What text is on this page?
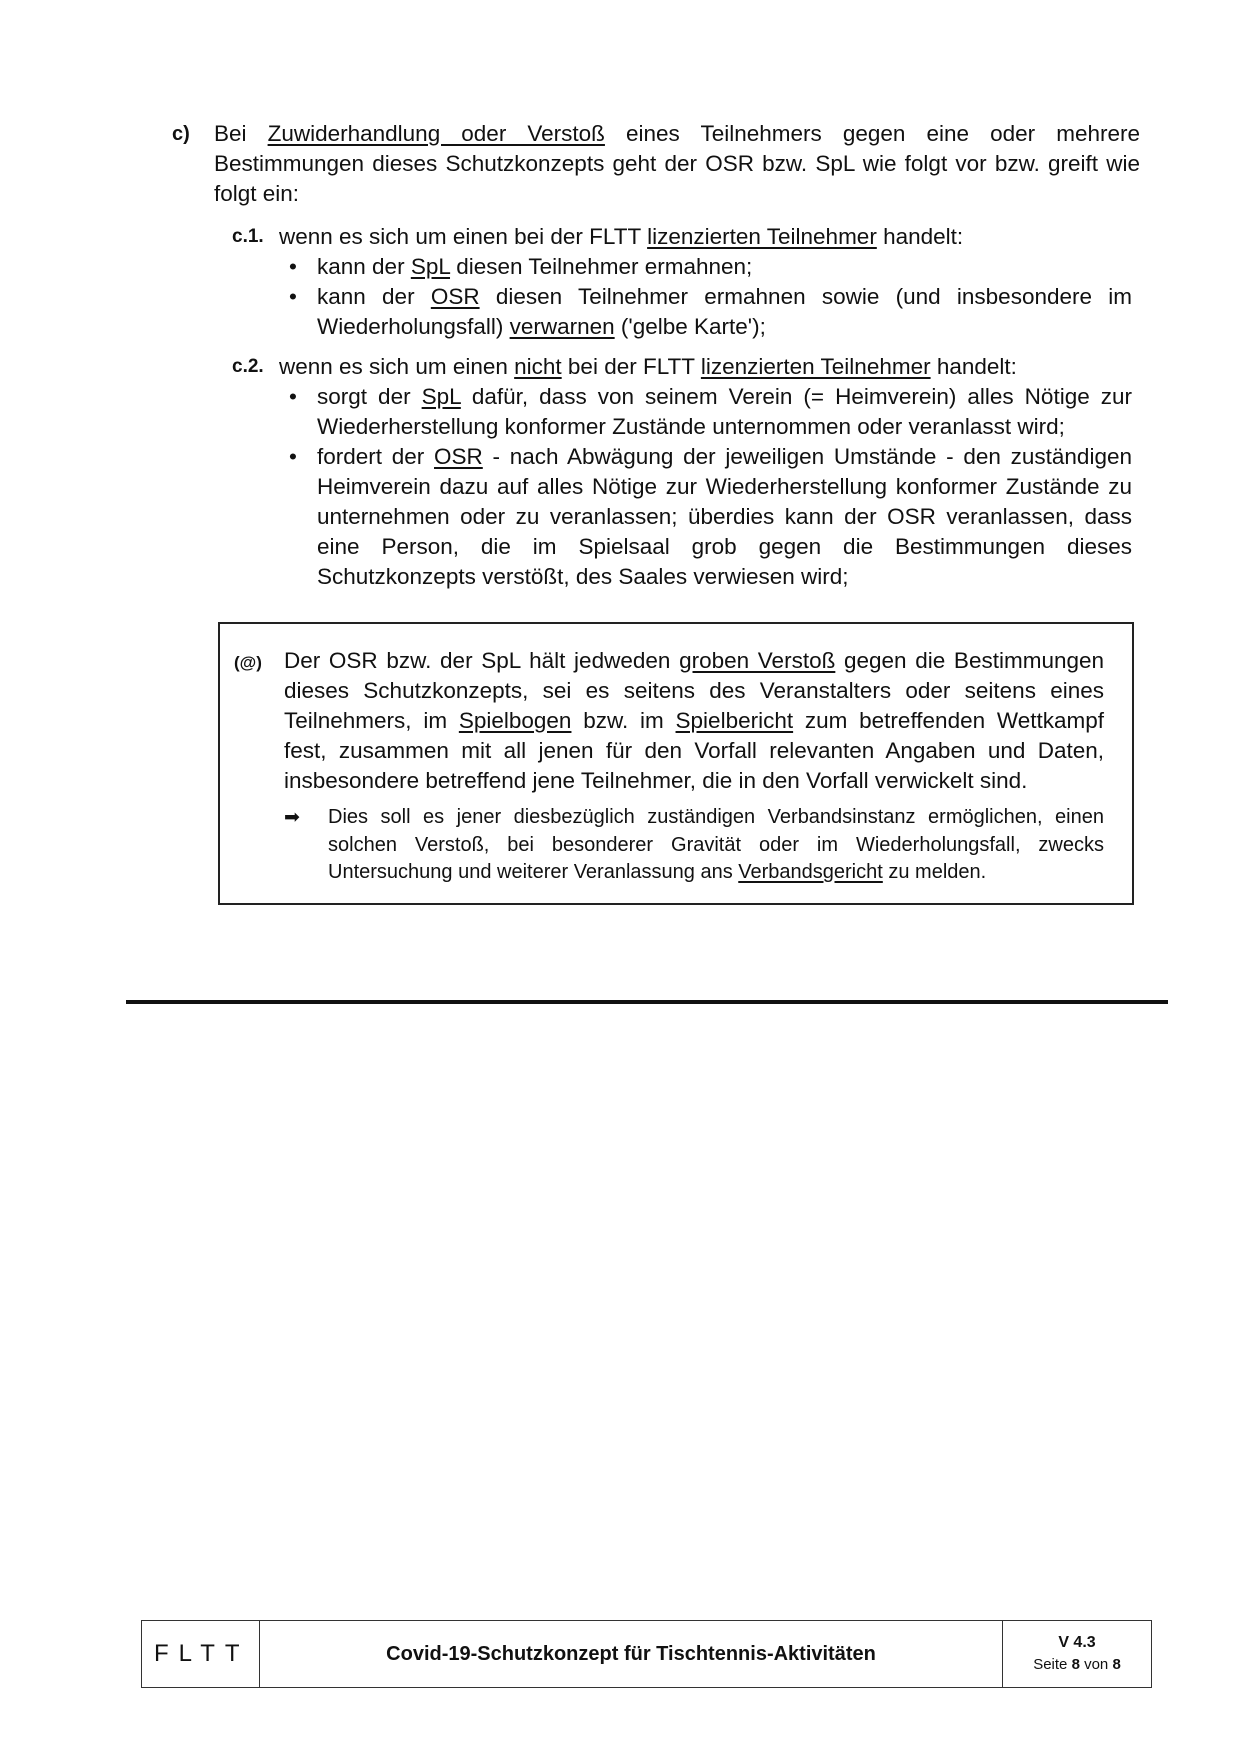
c) Bei Zuwiderhandlung oder Verstoß eines Teilnehmers gegen eine oder mehrere Bestimmungen dieses Schutzkonzepts geht der OSR bzw. SpL wie folgt vor bzw. greift wie folgt ein:
c.1. wenn es sich um einen bei der FLTT lizenzierten Teilnehmer handelt:
• kann der SpL diesen Teilnehmer ermahnen;
• kann der OSR diesen Teilnehmer ermahnen sowie (und insbesondere im Wiederholungsfall) verwarnen ('gelbe Karte');
c.2. wenn es sich um einen nicht bei der FLTT lizenzierten Teilnehmer handelt:
• sorgt der SpL dafür, dass von seinem Verein (= Heimverein) alles Nötige zur Wiederherstellung konformer Zustände unternommen oder veranlasst wird;
• fordert der OSR - nach Abwägung der jeweiligen Umstände - den zuständigen Heimverein dazu auf alles Nötige zur Wiederherstellung konformer Zustände zu unternehmen oder zu veranlassen; überdies kann der OSR veranlassen, dass eine Person, die im Spielsaal grob gegen die Bestimmungen dieses Schutzkonzepts verstößt, des Saales verwiesen wird;
(@) Der OSR bzw. der SpL hält jedweden groben Verstoß gegen die Bestimmungen dieses Schutzkonzepts, sei es seitens des Veranstalters oder seitens eines Teilnehmers, im Spielbogen bzw. im Spielbericht zum betreffenden Wettkampf fest, zusammen mit all jenen für den Vorfall relevanten Angaben und Daten, insbesondere betreffend jene Teilnehmer, die in den Vorfall verwickelt sind.
➡ Dies soll es jener diesbezüglich zuständigen Verbandsinstanz ermöglichen, einen solchen Verstoß, bei besonderer Gravität oder im Wiederholungsfall, zwecks Untersuchung und weiterer Veranlassung ans Verbandsgericht zu melden.
FLTT	Covid-19-Schutzkonzept für Tischtennis-Aktivitäten	V 4.3
Seite 8 von 8
